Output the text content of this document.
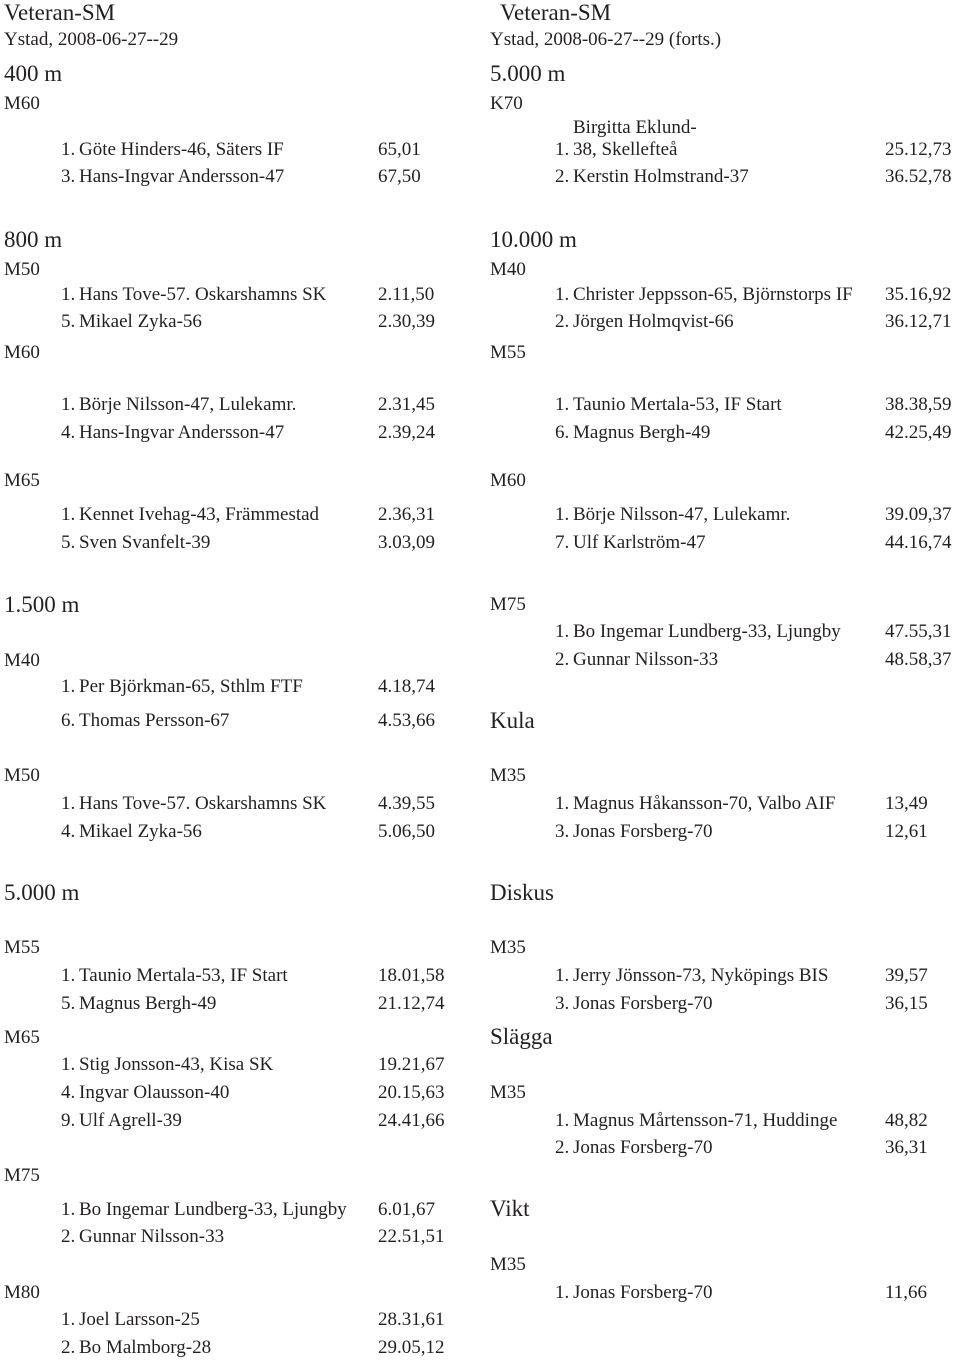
Veteran-SM
Ystad, 2008-06-27--29
400 m
M60
1. Göte Hinders-46, Säters IF	65,01
3. Hans-Ingvar Andersson-47	67,50
800 m
M50
1. Hans Tove-57. Oskarshamns SK	2.11,50
5. Mikael Zyka-56	2.30,39
M60
1. Börje Nilsson-47, Lulekamr.	2.31,45
4. Hans-Ingvar Andersson-47	2.39,24
M65
1. Kennet Ivehag-43, Främmestad	2.36,31
5. Sven Svanfelt-39	3.03,09
1.500 m
M40
1. Per Björkman-65, Sthlm FTF	4.18,74
6. Thomas Persson-67	4.53,66
M50
1. Hans Tove-57. Oskarshamns SK	4.39,55
4. Mikael Zyka-56	5.06,50
5.000 m
M55
1. Taunio Mertala-53, IF Start	18.01,58
5. Magnus Bergh-49	21.12,74
M65
1. Stig Jonsson-43, Kisa SK	19.21,67
4. Ingvar Olausson-40	20.15,63
9. Ulf Agrell-39	24.41,66
M75
1. Bo Ingemar Lundberg-33, Ljungby 6.01,67
2. Gunnar Nilsson-33	22.51,51
M80
1. Joel Larsson-25	28.31,61
2. Bo Malmborg-28	29.05,12
Veteran-SM
Ystad, 2008-06-27--29 (forts.)
5.000 m
K70
Birgitta Eklund-
1. 38, Skellefteå	25.12,73
2. Kerstin Holmstrand-37	36.52,78
10.000 m
M40
1. Christer Jeppsson-65, Björnstorps IF 35.16,92
2. Jörgen Holmqvist-66	36.12,71
M55
1. Taunio Mertala-53, IF Start	38.38,59
6. Magnus Bergh-49	42.25,49
M60
1. Börje Nilsson-47, Lulekamr.	39.09,37
7. Ulf Karlström-47	44.16,74
M75
1. Bo Ingemar Lundberg-33, Ljungby 47.55,31
2. Gunnar Nilsson-33	48.58,37
Kula
M35
1. Magnus Håkansson-70, Valbo AIF	13,49
3. Jonas Forsberg-70	12,61
Diskus
M35
1. Jerry Jönsson-73, Nyköpings BIS	39,57
3. Jonas Forsberg-70	36,15
Slägga
M35
1. Magnus Mårtensson-71, Huddinge	48,82
2. Jonas Forsberg-70	36,31
Vikt
M35
1. Jonas Forsberg-70	11,66
